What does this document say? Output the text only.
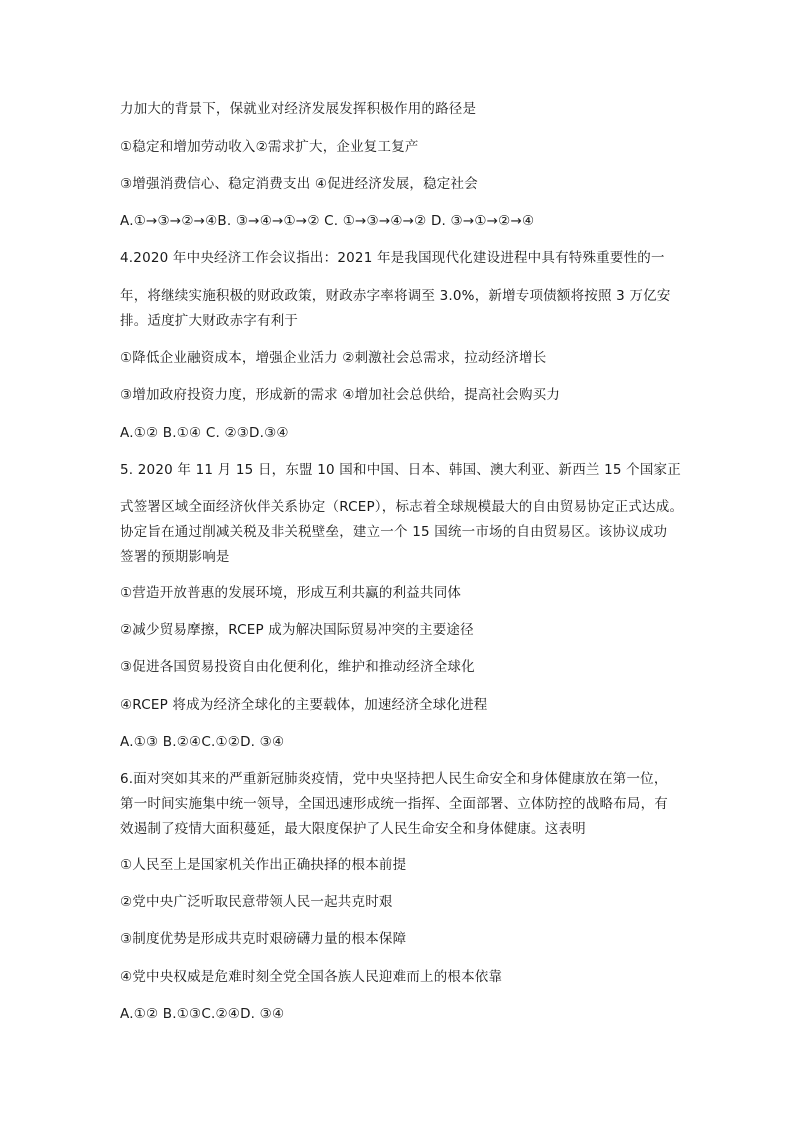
力加大的背景下，保就业对经济发展发挥积极作用的路径是
①稳定和增加劳动收入②需求扩大，企业复工复产
③增强消费信心、稳定消费支出 ④促进经济发展，稳定社会
A.①→③→②→④B. ③→④→①→② C. ①→③→④→② D. ③→①→②→④
4.2020 年中央经济工作会议指出：2021 年是我国现代化建设进程中具有特殊重要性的一
年，将继续实施积极的财政政策，财政赤字率将调至 3.0%，新增专项债额将按照 3 万亿安
排。适度扩大财政赤字有利于
①降低企业融资成本，增强企业活力 ②刺激社会总需求，拉动经济增长
③增加政府投资力度，形成新的需求 ④增加社会总供给，提高社会购买力
A.①② B.①④ C. ②③D.③④
5. 2020 年 11 月 15 日，东盟 10 国和中国、日本、韩国、澳大利亚、新西兰 15 个国家正
式签署区域全面经济伙伴关系协定（RCEP），标志着全球规模最大的自由贸易协定正式达成。
协定旨在通过削减关税及非关税壁垒，建立一个 15 国统一市场的自由贸易区。该协议成功
签署的预期影响是
①营造开放普惠的发展环境，形成互利共赢的利益共同体
②减少贸易摩擦，RCEP 成为解决国际贸易冲突的主要途径
③促进各国贸易投资自由化便利化，维护和推动经济全球化
④RCEP 将成为经济全球化的主要载体，加速经济全球化进程
A.①③ B.②④C.①②D. ③④
6.面对突如其来的严重新冠肺炎疫情，党中央坚持把人民生命安全和身体健康放在第一位，
第一时间实施集中统一领导，全国迅速形成统一指挥、全面部署、立体防控的战略布局，有
效遏制了疫情大面积蔓延，最大限度保护了人民生命安全和身体健康。这表明
①人民至上是国家机关作出正确抉择的根本前提
②党中央广泛听取民意带领人民一起共克时艰
③制度优势是形成共克时艰磅礴力量的根本保障
④党中央权威是危难时刻全党全国各族人民迎难而上的根本依靠
A.①② B.①③C.②④D. ③④
